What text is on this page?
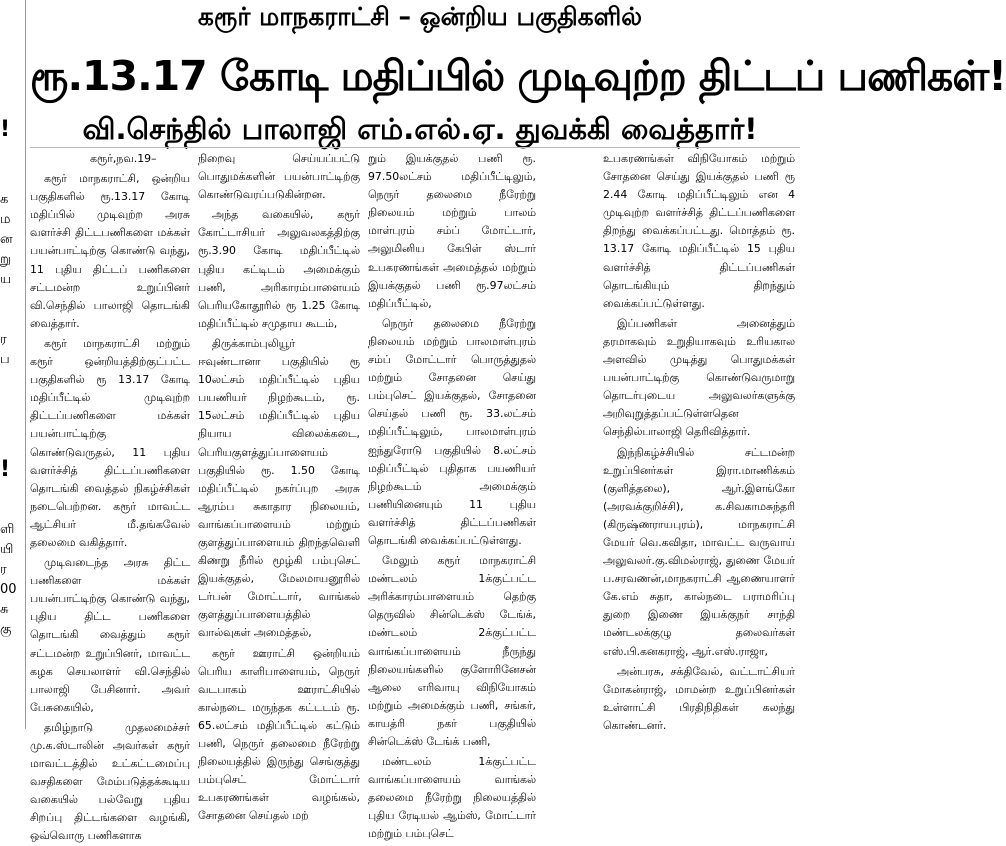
!
க
ம
ன
று
ய
ர
ப
!
ளி
யி
ர
00
சு
கு
கரூர் மாநகராட்சி – ஒன்றிய பகுதிகளில்
ரூ.13.17 கோடி மதிப்பில் முடிவுற்ற திட்டப் பணிகள்!
வி.செந்தில் பாலாஜி எம்.எல்.ஏ. துவக்கி வைத்தார்!

கரூர்,நவ.19–

கரூர் மாநகராட்சி, ஒன்றிய பகுதிகளில் ரூ.13.17 கோடி மதிப்பில் முடிவுற்ற அரசு வளர்ச்சி திட்டபணிகளை மக்கள் பயன்பாட்டிற்கு கொண்டு வந்து, 11 புதிய திட்டப் பணிகளை சட்டமன்ற உறுப்பினர் வி.செந்தில் பாலாஜி தொடங்கி வைத்தார்.

கரூர் மாநகராட்சி மற்றும் கரூர் ஒன்றியத்திற்குட்பட்ட பகுதிகளில் ரூ 13.17 கோடி மதிப்பீட்டில் முடிவுற்ற திட்டப்பணிகளை மக்கள் பயன்பாட்டிற்கு கொண்டுவருதல், 11 புதிய வளர்ச்சித் திட்டப்பணிகளை தொடங்கி வைத்தல் நிகழ்ச்சிகள் நடைபெற்றன. கரூர் மாவட்ட ஆட்சியர் மீ.தங்கவேல் தலைமை வகித்தார்.

முடிவடைந்த அரசு திட்ட பணிகளை மக்கள் பயன்பாட்டிற்கு கொண்டு வந்து, புதிய திட்ட பணிகளை தொடங்கி வைத்தும் கரூர் சட்டமன்ற உறுப்பினர், மாவட்ட கழக செயலாளர் வி.செந்தில் பாலாஜி பேசினார். அவர் பேசுகையில்,

தமிழ்நாடு முதலமைச்சர் மு.க.ஸ்டாலின் அவர்கள் கரூர் மாவட்டத்தில் உட்கட்டமைப்பு வசதிகளை மேம்படுத்தக்கூடிய வகையில் பல்வேறு புதிய சிறப்பு திட்டங்களை வழங்கி, ஒவ்வொரு பணிகளாக

நிறைவு செய்யப்பட்டு பொதுமக்களின் பயன்பாட்டிற்கு கொண்டுவரப்படுகின்றன.

அந்த வகையில், கரூர் கோட்டாசியர் அலுவலகத்திற்கு ரூ.3.90 கோடி மதிப்பீட்டில் புதிய கட்டிடம் அமைக்கும் பணி, அரிகாரம்பாளையம் பெரியகோதூரில் ரூ 1.25 கோடி மதிப்பீட்டில் சமுதாய கூடம்,

திருக்காம்புலியூர் ஈவுண்டானா பகுதியில் ரூ 10லட்சம் மதிப்பீட்டில் புதிய பயணியர் நிழற்கூடம், ரூ. 15லட்சம் மதிப்பீட்டில் புதிய நியாய விலைக்கடை, பெரியகுளத்துப்பாளையம் பகுதியில் ரூ. 1.50 கோடி மதிப்பீட்டில் நகர்ப்புற அரசு ஆரம்ப சுகாதார நிலையம், வாங்கப்பாளையம் மற்றும் குளத்துப்பாளையம் திறந்தவெளி கிணறு நீரில் மூழ்கி பம்புசெட் இயக்குதல், மேலமாயனூரில் டர்பன் மோட்டார், வாங்கல் குளத்துப்பாளையத்தில் வால்வுகள் அமைத்தல்,

கரூர் ஊராட்சி ஒன்றியம் பெரிய காளிபாளையம், நெருர் வடபாகம் ஊராட்சியில் கால்நடை மருந்தக கட்டடம் ரூ. 65.லட்சம் மதிப்பீட்டில் கட்டும் பணி, நெருர் தலைமை நீரேற்று நிலையத்தில் இருந்து செங்குத்து பம்புசெட் மோட்டார் உபகரணங்கள் வழங்கல், சோதனை செய்தல் மற்

றும் இயக்குதல் பணி ரூ. 97.50லட்சம் மதிப்பீட்டிலும், நெருர் தலைமை நீரேற்று நிலையம் மற்றும் பாலம் மாள்புரம் சம்ப் மோட்டார், அலுமினிய கேபிள் ஸ்டார் உபகரணங்கள் அமைத்தல் மற்றும் இயக்குதல் பணி ரூ.97லட்சம் மதிப்பீட்டில்,

நெருர் தலைமை நீரேற்று நிலையம் மற்றும் பாலமாள்புரம் சம்ப் மோட்டார் பொருத்துதல் மற்றும் சோதனை செய்து பம்புசெட் இயக்குதல், சோதனை செய்தல் பணி ரூ. 33.லட்சம் மதிப்பீட்டிலும், பாலமாள்புரம் ஐந்துரோடு பகுதியில் 8.லட்சம் மதிப்பீட்டில் புதிதாக பயணியர் நிழற்கூடம் அமைக்கும் பணியினையும் 11 புதிய வளர்ச்சித் திட்டப்பணிகள் தொடங்கி வைக்கப்பட்டுள்ளது.

மேலும் கரூர் மாநகராட்சி மண்டலம் 1க்குட்பட்ட அரிக்காரம்பாளையம் தெற்கு தெருவில் சின்டெக்ஸ் டேங்க், மண்டலம் 2க்குட்பட்ட வாங்கப்பாளையம் நீருந்து நிலையங்களில் குளோரினேசன் ஆலை எரிவாயு விநியோகம் மற்றும் அமைக்கும் பணி, சங்கர், காயத்ரி நகர் பகுதியில் சின்டெக்ஸ் டேங்க் பணி,

மண்டலம் 1க்குட்பட்ட வாங்கப்பாளையம் வாங்கல் தலைமை நீரேற்று நிலையத்தில் புதிய ரேடியல் ஆம்ஸ், மோட்டார் மற்றும் பம்புசெட்

உபகரணங்கள் விநியோகம் மற்றும் சோதனை செய்து இயக்குதல் பணி ரூ 2.44 கோடி மதிப்பீட்டிலும் என 4 முடிவுற்ற வளர்ச்சித் திட்டப்பணிகளை திறந்து வைக்கப்பட்டது. மொத்தம் ரூ. 13.17 கோடி மதிப்பீட்டில் 15 புதிய வளர்ச்சித் திட்டப்பணிகள் தொடங்கியும் திறந்தும் வைக்கப்பட்டுள்ளது.

இப்பணிகள் அனைத்தும் தரமாகவும் உறுதியாகவும் உரியகால அளவில் முடித்து பொதுமக்கள் பயன்பாட்டிற்கு கொண்டுவருமாறு தொடர்புடைய அலுவலர்களுக்கு அறிவுறுத்தப்பட்டுள்ளதென செந்தில்பாலாஜி தெரிவித்தார்.

இந்நிகழ்ச்சியில் சட்டமன்ற உறுப்பினர்கள் இரா.மாணிக்கம் (குளித்தலை), ஆர்.இளங்கோ (அரவக்குறிச்சி), க.சிவகாமசுந்தரி (கிருஷ்ணராயபுரம்), மாநகராட்சி மேயர் வெ.கவிதா, மாவட்ட வருவாய் அலுவலர்.கு.விமல்ராஜ், துணை மேயர் ப.சரவணன்,மாநகராட்சி ஆணையாளர் கே.எம் சுதா, கால்நடை பராமரிப்பு துறை இணை இயக்குநர் சாந்தி மண்டலக்குழு தலைவர்கள் எஸ்.பி.கனகராஜ், ஆர்.எஸ்.ராஜா,

அன்பரசு, சக்திவேல், வட்டாட்சியர் மோகன்ராஜ், மாமன்ற உறுப்பினர்கள் உள்ளாட்சி பிரதிநிதிகள் கலந்து கொண்டனர்.
